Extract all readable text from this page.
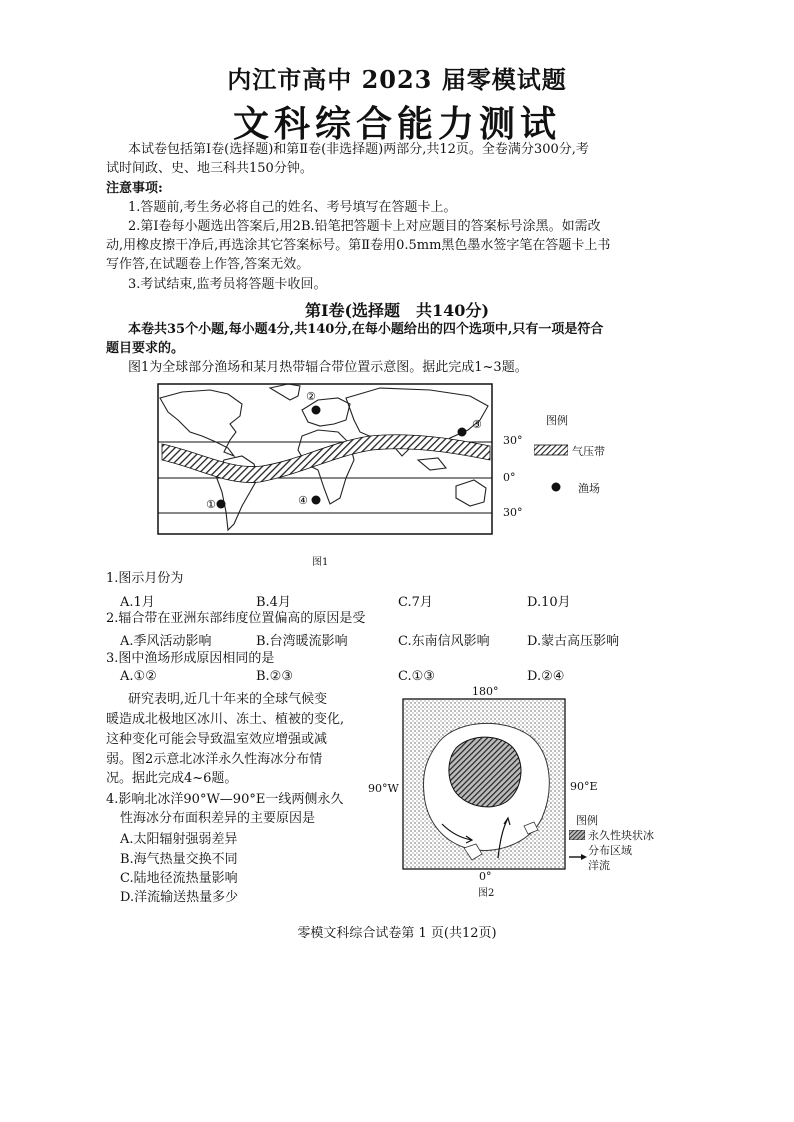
内江市高中 2023 届零模试题
文科综合能力测试
本试卷包括第Ⅰ卷(选择题)和第Ⅱ卷(非选择题)两部分,共12页。全卷满分300分,考
试时间政、史、地三科共150分钟。
注意事项:
1.答题前,考生务必将自己的姓名、考号填写在答题卡上。
2.第Ⅰ卷每小题选出答案后,用2B.铅笔把答题卡上对应题目的答案标号涂黑。如需改
动,用橡皮擦干净后,再选涂其它答案标号。第Ⅱ卷用0.5mm黑色墨水签字笔在答题卡上书
写作答,在试题卷上作答,答案无效。
3.考试结束,监考员将答题卡收回。
第Ⅰ卷(选择题　共140分)
本卷共35个小题,每小题4分,共140分,在每小题给出的四个选项中,只有一项是符合
题目要求的。
图1为全球部分渔场和某月热带辐合带位置示意图。据此完成1~3题。
①
②
③
④
30°
0°
30°
图1
图例
气压带
渔场
1.图示月份为
A.1月	B.4月	C.7月	D.10月
2.辐合带在亚洲东部纬度位置偏高的原因是受
A.季风活动影响	B.台湾暖流影响	C.东南信风影响	D.蒙古高压影响
3.图中渔场形成原因相同的是
A.①②	B.②③	C.①③	D.②④
研究表明,近几十年来的全球气候变
暖造成北极地区冰川、冻土、植被的变化,
这种变化可能会导致温室效应增强或减
弱。图2示意北冰洋永久性海冰分布情
况。据此完成4~6题。
4.影响北冰洋90°W—90°E一线两侧永久
性海冰分布面积差异的主要原因是
A.太阳辐射强弱差异
B.海气热量交换不同
C.陆地径流热量影响
D.洋流输送热量多少
180°
90°W	90°E
0°
图2
图例
永久性块状冰
分布区域
洋流
零模文科综合试卷第 1 页(共12页)
